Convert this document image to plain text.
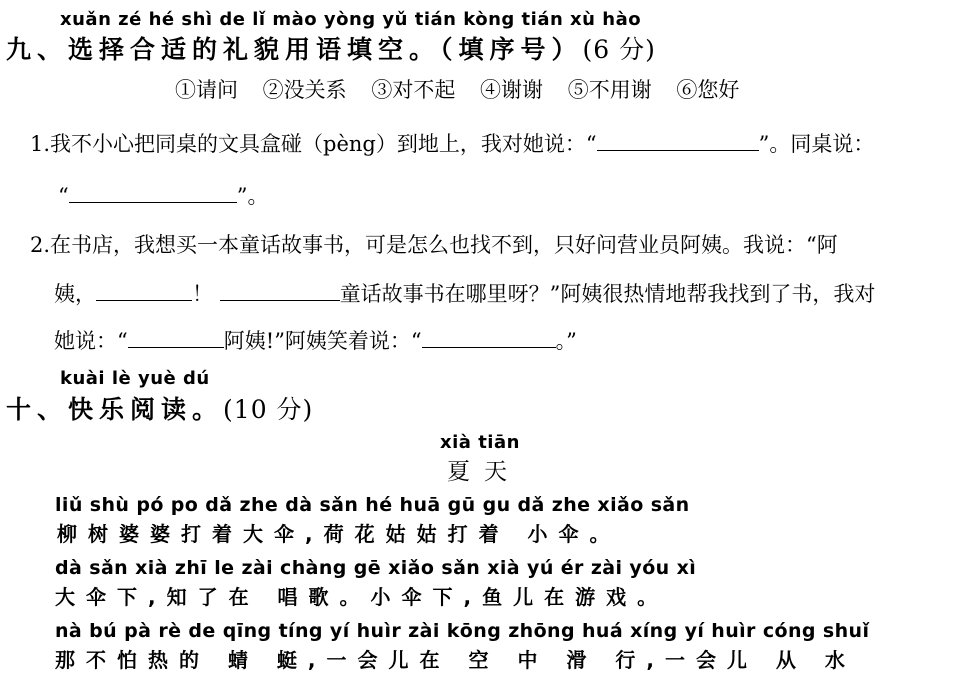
xuǎn zé hé shì de lǐ mào yòng yǔ tián kòng tián xù hào
九、选择合适的礼貌用语填空。（填序号）(6 分)
①请问 ②没关系 ③对不起 ④谢谢 ⑤不用谢 ⑥您好
1.我不小心把同桌的文具盒碰（pèng）到地上，我对她说：“	”。同桌说：
“	”。
2.在书店，我想买一本童话故事书，可是怎么也找不到，只好问营业员阿姨。我说：“阿
姨，	！	童话故事书在哪里呀？”阿姨很热情地帮我找到了书，我对
她说：“	阿姨!”阿姨笑着说：“	。”
kuài lè yuè dú
十、快乐阅读。(10 分)
xià tiān
夏天
liǔ shù pó po dǎ zhe dà sǎn hé huā gū gu dǎ zhe xiǎo sǎn
柳树婆婆打着大伞,荷花姑姑打着 小伞。
dà sǎn xià zhī le zài chàng gē xiǎo sǎn xià yú ér zài yóu xì
大伞下,知了在 唱歌。小伞下,鱼儿在游戏。
nà bú pà rè de qīng tíng yí huìr zài kōng zhōng huá xíng yí huìr cóng shuǐ
那不怕热的 蜻 蜓,一会儿在 空 中 滑 行,一会儿 从 水
